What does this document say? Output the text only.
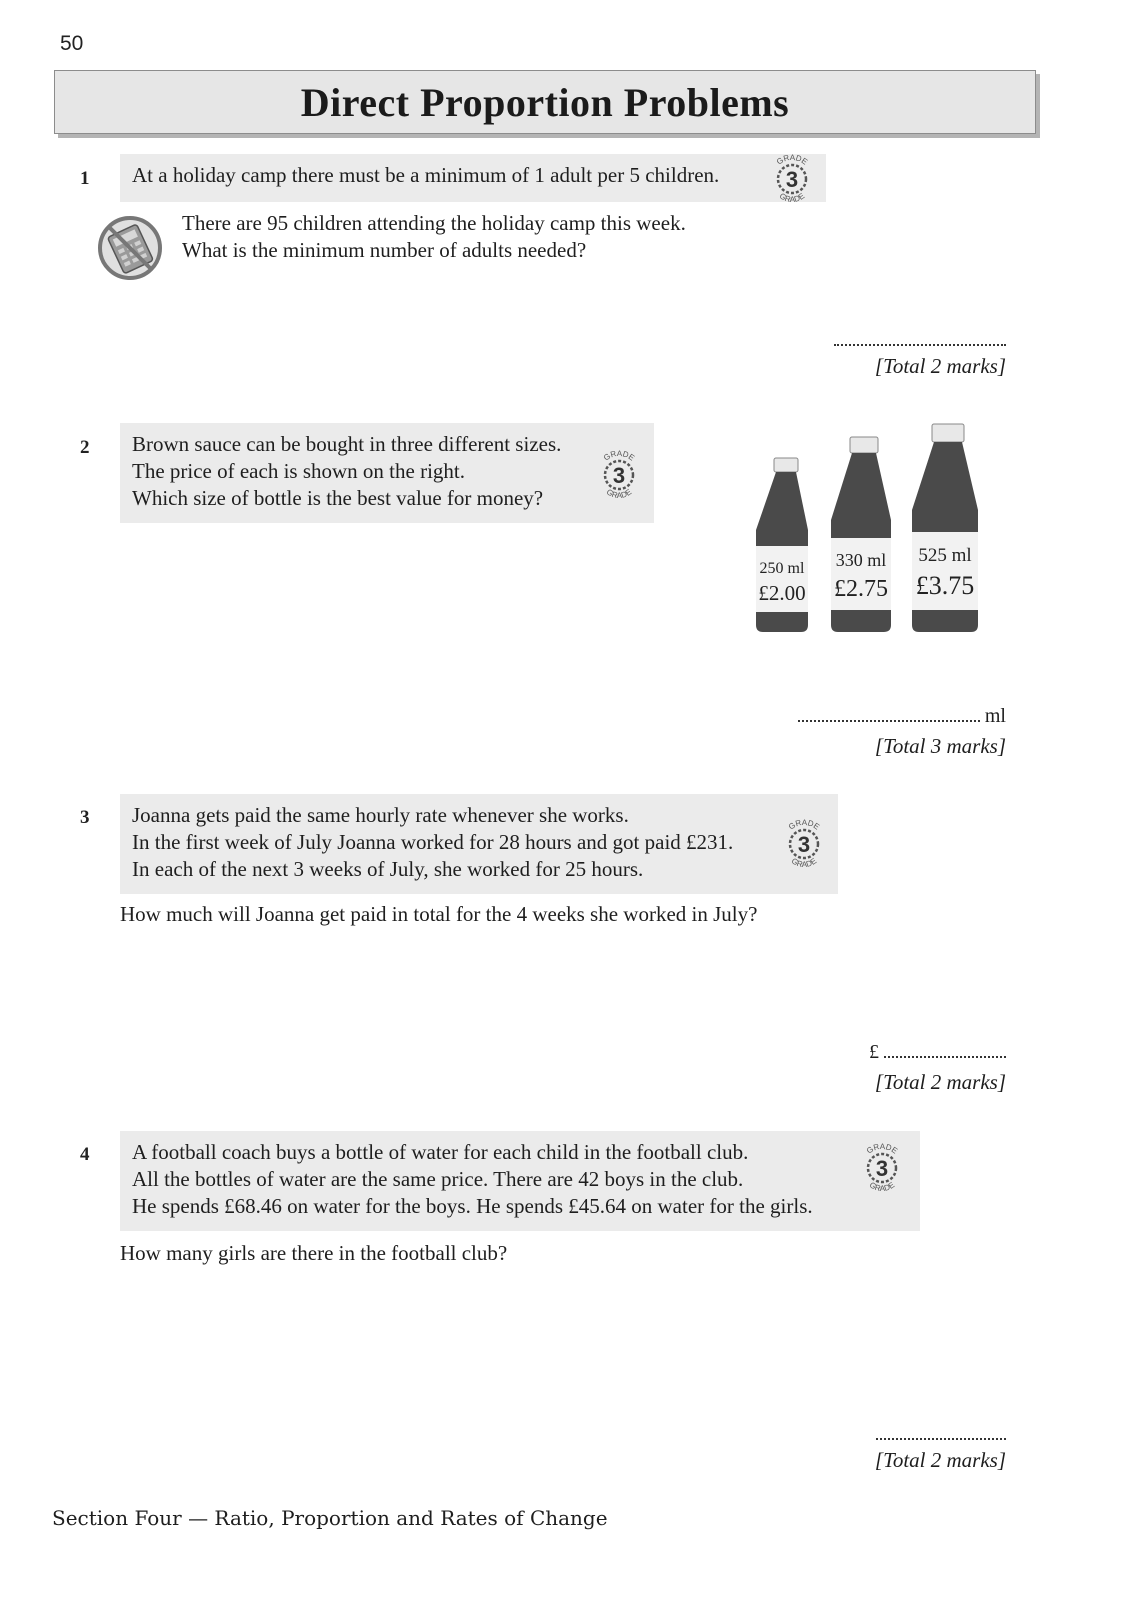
50
Direct Proportion Problems
1 At a holiday camp there must be a minimum of 1 adult per 5 children.	3
GRADE
GRADE
There are 95 children attending the holiday camp this week.
What is the minimum number of adults needed?
[Total 2 marks]
2 Brown sauce can be bought in three different sizes.
The price of each is shown on the right.
Which size of bottle is the best value for money?
3
GRADE
GRADE
250 ml
£2.00
330 ml
£2.75
525 ml
£3.75
ml
[Total 3 marks]
3 Joanna gets paid the same hourly rate whenever she works.
In the first week of July Joanna worked for 28 hours and got paid £231.
In each of the next 3 weeks of July, she worked for 25 hours.
3
GRADE
GRADE
How much will Joanna get paid in total for the 4 weeks she worked in July?
£
[Total 2 marks]
4 A football coach buys a bottle of water for each child in the football club.
All the bottles of water are the same price. There are 42 boys in the club.
He spends £68.46 on water for the boys. He spends £45.64 on water for the girls.
3
GRADE
GRADE
How many girls are there in the football club?
[Total 2 marks]
Section Four — Ratio, Proportion and Rates of Change
